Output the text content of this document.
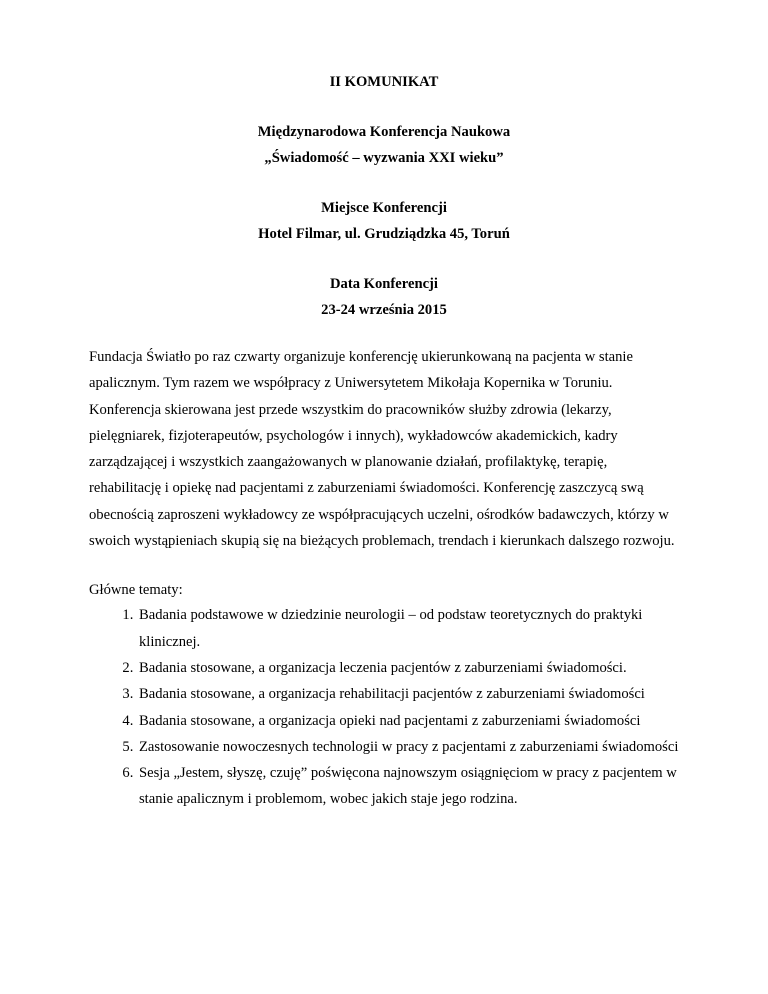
II KOMUNIKAT

Międzynarodowa Konferencja Naukowa

„Świadomość – wyzwania XXI wieku”

Miejsce Konferencji

Hotel Filmar, ul. Grudziądzka 45, Toruń

Data Konferencji

23-24 września 2015

Fundacja Światło po raz czwarty organizuje konferencję ukierunkowaną na pacjenta w stanie apalicznym. Tym razem we współpracy z Uniwersytetem Mikołaja Kopernika w Toruniu. Konferencja skierowana jest przede wszystkim do pracowników służby zdrowia (lekarzy, pielęgniarek, fizjoterapeutów, psychologów i innych), wykładowców akademickich, kadry zarządzającej i wszystkich zaangażowanych w planowanie działań, profilaktykę, terapię, rehabilitację i opiekę nad pacjentami z zaburzeniami świadomości. Konferencję zaszczycą swą obecnością zaproszeni wykładowcy ze współpracujących uczelni, ośrodków badawczych, którzy w swoich wystąpieniach skupią się na bieżących problemach, trendach i kierunkach dalszego rozwoju.

Główne tematy:

1. Badania podstawowe w dziedzinie neurologii – od podstaw teoretycznych do praktyki klinicznej.
2. Badania stosowane, a organizacja leczenia pacjentów z zaburzeniami świadomości.
3. Badania stosowane, a organizacja rehabilitacji pacjentów z zaburzeniami świadomości
4. Badania stosowane, a organizacja opieki nad pacjentami z zaburzeniami świadomości
5. Zastosowanie nowoczesnych technologii w pracy z pacjentami z zaburzeniami świadomości
6. Sesja „Jestem, słyszę, czuję” poświęcona najnowszym osiągnięciom w pracy z pacjentem w stanie apalicznym i problemom, wobec jakich staje jego rodzina.
